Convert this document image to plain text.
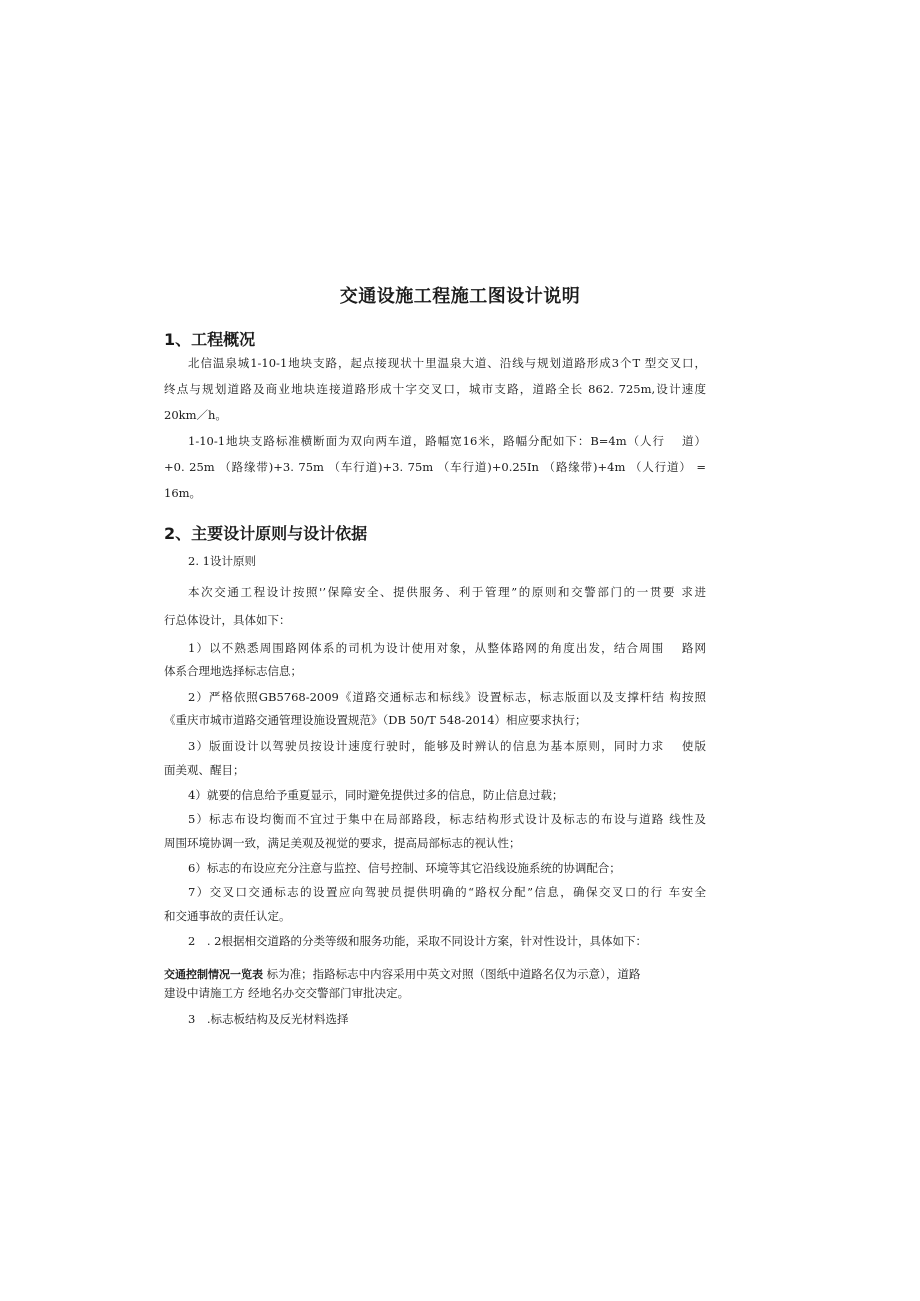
交通设施工程施工图设计说明
1、工程概况
北信温泉城1-10-1地块支路，起点接现状十里温泉大道、沿线与规划道路形成3个T 型交叉口，
终点与规划道路及商业地块连接道路形成十字交叉口，城市支路，道路全长 862. 725m,设计速度
20km／h。
1-10-1地块支路标准横断面为双向两车道，路幅宽16米，路幅分配如下：B=4m（人行　 道）
+0. 25m （路缘带)+3. 75m （车行道)+3. 75m （车行道)+0.25In （路缘带)+4m （人行道） =
16m。
2、主要设计原则与设计依据
2. 1设计原则
本次交通工程设计按照'’保障安全、提供服务、利于管理”的原则和交警部门的一贯要 求进
行总体设计，具体如下：
1）以不熟悉周围路网体系的司机为设计使用对象，从整体路网的角度出发，结合周围　 路网
体系合理地选择标志信息；
2）严格依照GB5768-2009《道路交通标志和标线》设置标志，标志版面以及支撑杆结 构按照
《重庆市城市道路交通管理设施设置规范》（DB 50/T 548-2014）相应要求执行；
3）版面设计以驾驶员按设计速度行驶时，能够及时辨认的信息为基本原则，同时力求　 使版
面美观、醒目；
4）就要的信息给予重夏显示，同时避免提供过多的信息，防止信息过载；
5）标志布设均衡而不宜过于集中在局部路段，标志结构形式设计及标志的布设与道路 线性及
周围环境协调一致，满足美观及视觉的要求，提高局部标志的视认性；
6）标志的布设应充分注意与监控、信号控制、环境等其它沿线设施系统的协调配合；
7）交叉口交通标志的设置应向驾驶员提供明确的“路权分配”信息，确保交叉口的行 车安全
和交通事故的责任认定。
2　. 2根据相交道路的分类等级和服务功能，采取不同设计方案，针对性设计，具体如下：
交通控制情况一览表 标为准；指路标志中内容采用中英文对照（图纸中道路名仅为示意），道路
建设中请施工方 经地名办交交警部门审批决定。
3　.标志板结构及反光材料选择
